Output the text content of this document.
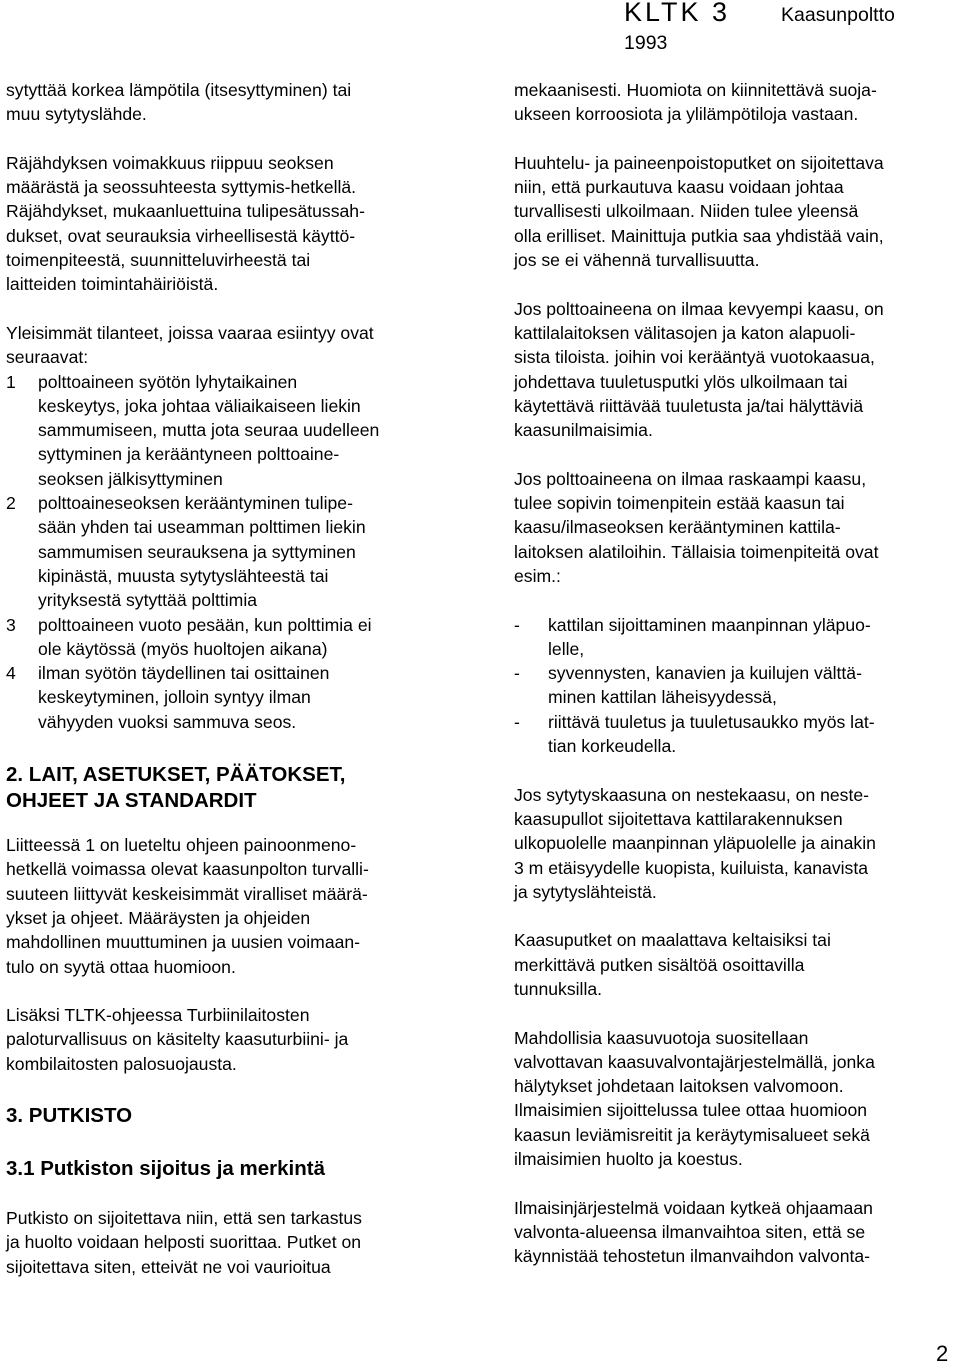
KLTK 3	Kaasunpoltto
1993

sytyttää korkea lämpötila (itsesyttyminen) tai
muu sytytyslähde.

Räjähdyksen voimakkuus riippuu seoksen
määrästä ja seossuhteesta syttymis-hetkellä.
Räjähdykset, mukaanluettuina tulipesätussah-
dukset, ovat seurauksia virheellisestä käyttö-
toimenpiteestä, suunnitteluvirheestä tai
laitteiden toimintahäiriöistä.

Yleisimmät tilanteet, joissa vaaraa esiintyy ovat
seuraavat:

1 polttoaineen syötön lyhytaikainen
keskeytys, joka johtaa väliaikaiseen liekin
sammumiseen, mutta jota seuraa uudelleen
syttyminen ja kerääntyneen polttoaine-
seoksen jälkisyttyminen
2 polttoaineseoksen kerääntyminen tulipe-
sään yhden tai useamman polttimen liekin
sammumisen seurauksena ja syttyminen
kipinästä, muusta sytytyslähteestä tai
yrityksestä sytyttää polttimia
3 polttoaineen vuoto pesään, kun polttimia ei
ole käytössä (myös huoltojen aikana)
4 ilman syötön täydellinen tai osittainen
keskeytyminen, jolloin syntyy ilman
vähyyden vuoksi sammuva seos.
2. LAIT, ASETUKSET, PÄÄTOKSET,
OHJEET JA STANDARDIT

Liitteessä 1 on lueteltu ohjeen painoonmeno-
hetkellä voimassa olevat kaasunpolton turvalli-
suuteen liittyvät keskeisimmät viralliset määrä-
ykset ja ohjeet. Määräysten ja ohjeiden
mahdollinen muuttuminen ja uusien voimaan-
tulo on syytä ottaa huomioon.

Lisäksi TLTK-ohjeessa Turbiinilaitosten
paloturvallisuus on käsitelty kaasuturbiini- ja
kombilaitosten palosuojausta.

3. PUTKISTO
3.1 Putkiston sijoitus ja merkintä

Putkisto on sijoitettava niin, että sen tarkastus
ja huolto voidaan helposti suorittaa. Putket on
sijoitettava siten, etteivät ne voi vaurioitua

mekaanisesti. Huomiota on kiinnitettävä suoja-
ukseen korroosiota ja ylilämpötiloja vastaan.

Huuhtelu- ja paineenpoistoputket on sijoitettava
niin, että purkautuva kaasu voidaan johtaa
turvallisesti ulkoilmaan. Niiden tulee yleensä
olla erilliset. Mainittuja putkia saa yhdistää vain,
jos se ei vähennä turvallisuutta.

Jos polttoaineena on ilmaa kevyempi kaasu, on
kattilalaitoksen välitasojen ja katon alapuoli-
sista tiloista. joihin voi kerääntyä vuotokaasua,
johdettava tuuletusputki ylös ulkoilmaan tai
käytettävä riittävää tuuletusta ja/tai hälyttäviä
kaasunilmaisimia.

Jos polttoaineena on ilmaa raskaampi kaasu,
tulee sopivin toimenpitein estää kaasun tai
kaasu/ilmaseoksen kerääntyminen kattila-
laitoksen alatiloihin. Tällaisia toimenpiteitä ovat
esim.:

- kattilan sijoittaminen maanpinnan yläpuo-
lelle,
- syvennysten, kanavien ja kuilujen välttä-
minen kattilan läheisyydessä,
- riittävä tuuletus ja tuuletusaukko myös lat-
tian korkeudella.

Jos sytytyskaasuna on nestekaasu, on neste-
kaasupullot sijoitettava kattilarakennuksen
ulkopuolelle maanpinnan yläpuolelle ja ainakin
3 m etäisyydelle kuopista, kuiluista, kanavista
ja sytytyslähteistä.

Kaasuputket on maalattava keltaisiksi tai
merkittävä putken sisältöä osoittavilla
tunnuksilla.

Mahdollisia kaasuvuotoja suositellaan
valvottavan kaasuvalvontajärjestelmällä, jonka
hälytykset johdetaan laitoksen valvomoon.
Ilmaisimien sijoittelussa tulee ottaa huomioon
kaasun leviämisreitit ja keräytymisalueet sekä
ilmaisimien huolto ja koestus.

Ilmaisinjärjestelmä voidaan kytkeä ohjaamaan
valvonta-alueensa ilmanvaihtoa siten, että se
käynnistää tehostetun ilmanvaihdon valvonta-

2
